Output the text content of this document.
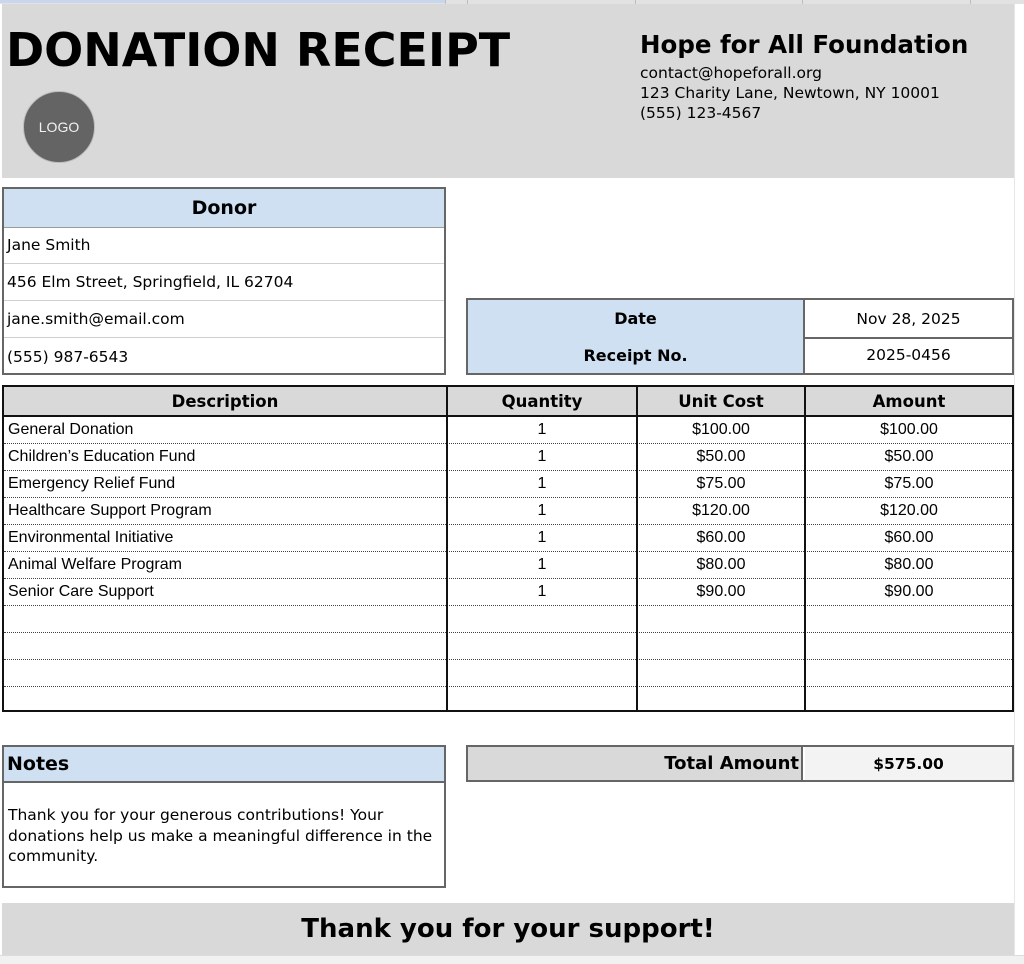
DONATION RECEIPT
LOGO
Hope for All Foundation
contact@hopeforall.org
123 Charity Lane, Newtown, NY 10001
(555) 123-4567
Donor
Jane Smith
456 Elm Street, Springfield, IL 62704
jane.smith@email.com
(555) 987-6543
Date	Nov 28, 2025
Receipt No.	2025-0456
Description	Quantity	Unit Cost	Amount
General Donation	1	$100.00	$100.00
Children’s Education Fund	1	$50.00	$50.00
Emergency Relief Fund	1	$75.00	$75.00
Healthcare Support Program	1	$120.00	$120.00
Environmental Initiative	1	$60.00	$60.00
Animal Welfare Program	1	$80.00	$80.00
Senior Care Support	1	$90.00	$90.00
Notes
Thank you for your generous contributions! Your donations help us make a meaningful difference in the community.
Total Amount	$575.00
Thank you for your support!
